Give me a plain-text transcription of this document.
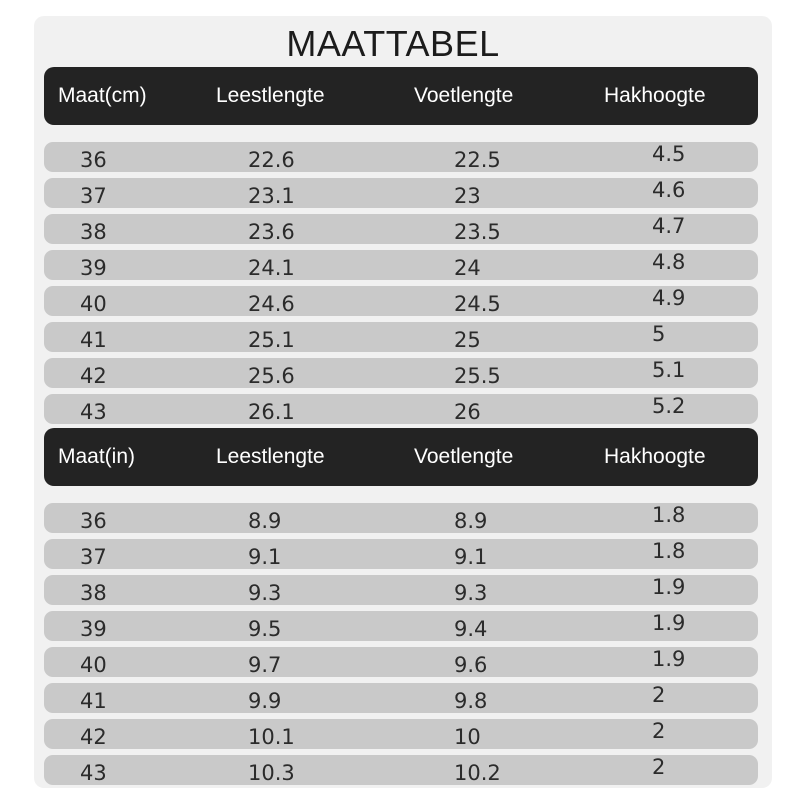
MAATTABEL
Maat(cm)	Leestlengte	Voetlengte	Hakhoogte
36	22.6	22.5	4.5
37	23.1	23	4.6
38	23.6	23.5	4.7
39	24.1	24	4.8
40	24.6	24.5	4.9
41	25.1	25	5
42	25.6	25.5	5.1
43	26.1	26	5.2
Maat(in)	Leestlengte	Voetlengte	Hakhoogte
36	8.9	8.9	1.8
37	9.1	9.1	1.8
38	9.3	9.3	1.9
39	9.5	9.4	1.9
40	9.7	9.6	1.9
41	9.9	9.8	2
42	10.1	10	2
43	10.3	10.2	2
